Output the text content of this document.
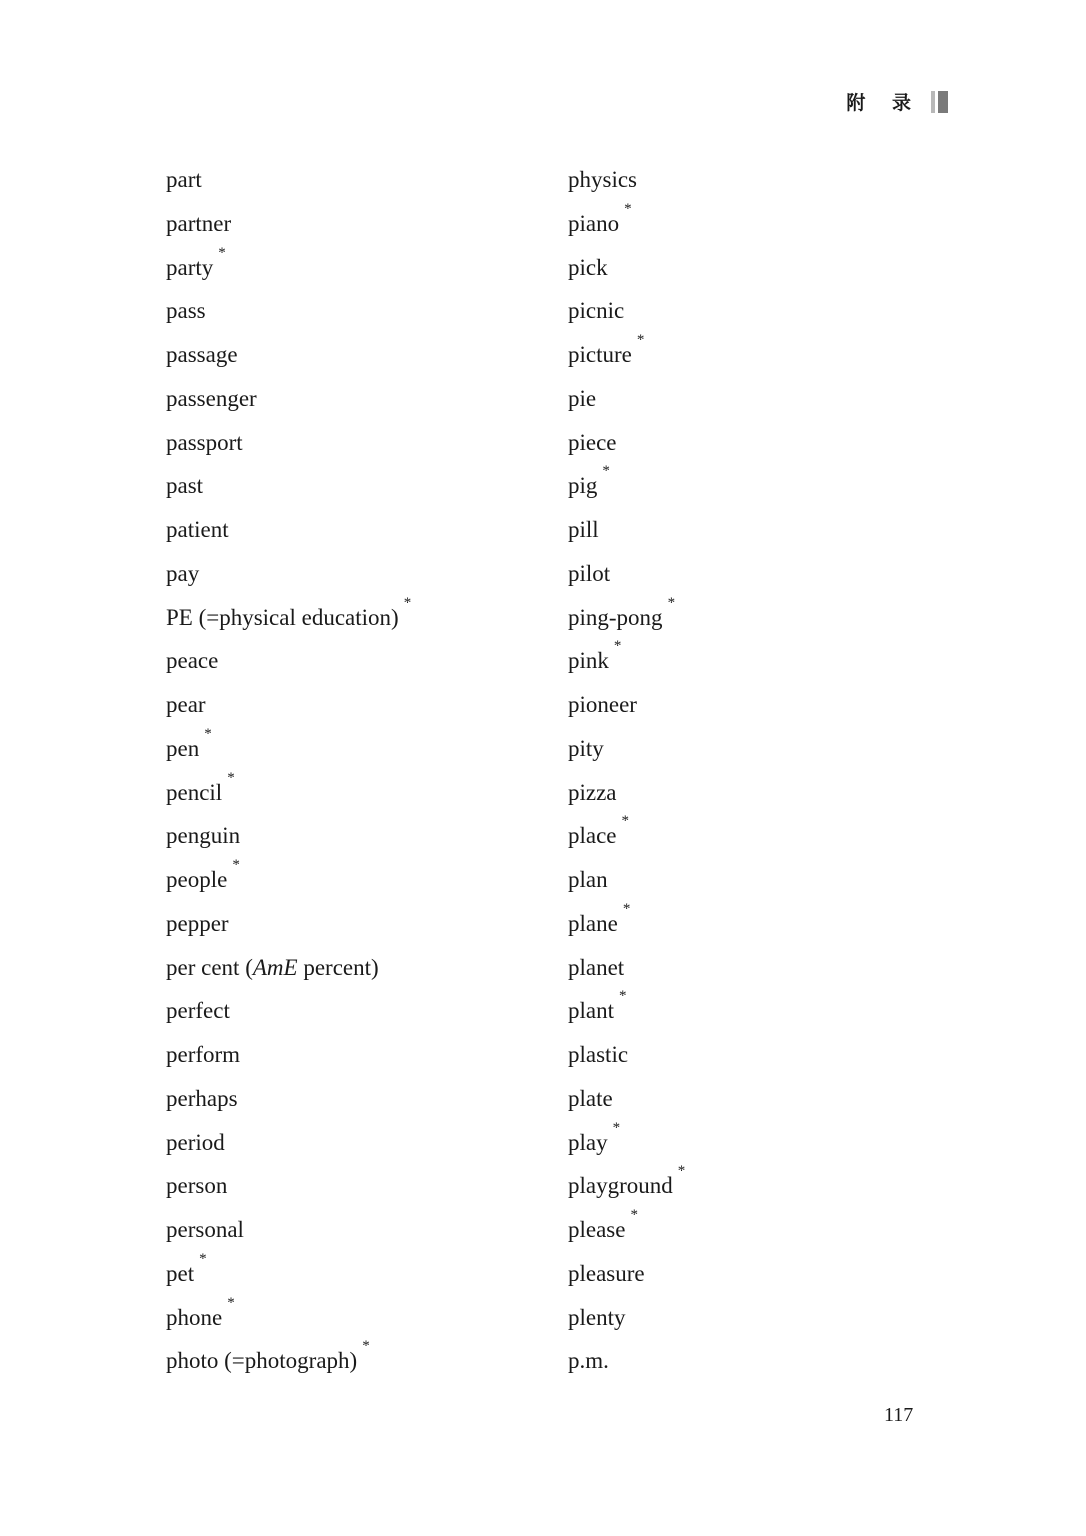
附 录
part
partner
party*
pass
passage
passenger
passport
past
patient
pay
PE (=physical education)*
peace
pear
pen*
pencil*
penguin
people*
pepper
per cent (AmE percent)
perfect
perform
perhaps
period
person
personal
pet*
phone*
photo (=photograph)*
physics
piano*
pick
picnic
picture*
pie
piece
pig*
pill
pilot
ping-pong*
pink*
pioneer
pity
pizza
place*
plan
plane*
planet
plant*
plastic
plate
play*
playground*
please*
pleasure
plenty
p.m.
117
